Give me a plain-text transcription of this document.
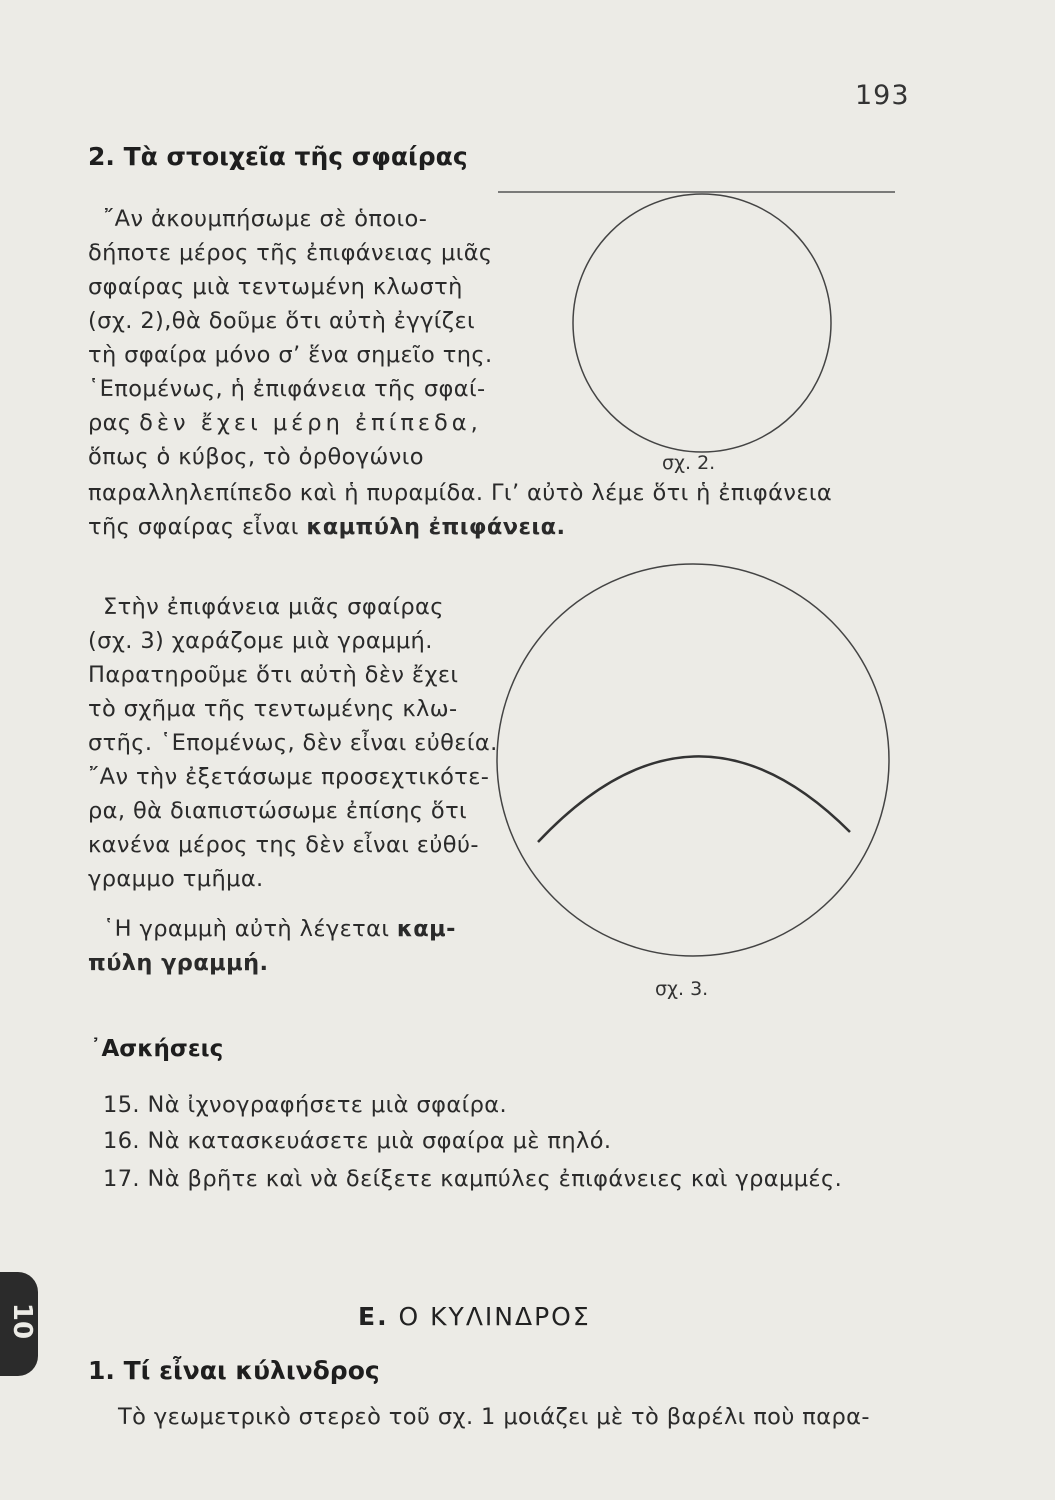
193
2. Τὰ στοιχεῖα τῆς σφαίρας
῎Αν ἀκουμπήσωμε σὲ ὁποιο-
δήποτε μέρος τῆς ἐπιφάνειας μιᾶς
σφαίρας μιὰ τεντωμένη κλωστὴ
(σχ. 2),θὰ δοῦμε ὅτι αὐτὴ ἐγγίζει
τὴ σφαίρα μόνο σ’ ἕνα σημεῖο της.
῾Επομένως, ἡ ἐπιφάνεια τῆς σφαί-
ρας δὲν ἔχει μέρη ἐπίπεδα,
ὅπως ὁ κύβος, τὸ ὀρθογώνιο
παραλληλεπίπεδο καὶ ἡ πυραμίδα. Γι’ αὐτὸ λέμε ὅτι ἡ ἐπιφάνεια
τῆς σφαίρας εἶναι καμπύλη ἐπιφάνεια.
Στὴν ἐπιφάνεια μιᾶς σφαίρας
(σχ. 3) χαράζομε μιὰ γραμμή.
Παρατηροῦμε ὅτι αὐτὴ δὲν ἔχει
τὸ σχῆμα τῆς τεντωμένης κλω-
στῆς. ῾Επομένως, δὲν εἶναι εὐθεία.
῎Αν τὴν ἐξετάσωμε προσεχτικότε-
ρα, θὰ διαπιστώσωμε ἐπίσης ὅτι
κανένα μέρος της δὲν εἶναι εὐθύ-
γραμμο τμῆμα.
῾Η γραμμὴ αὐτὴ λέγεται καμ-
πύλη γραμμή.
σχ. 2.
σχ. 3.
᾿Ασκήσεις
15. Νὰ ἰχνογραφήσετε μιὰ σφαίρα.
16. Νὰ κατασκευάσετε μιὰ σφαίρα μὲ πηλό.
17. Νὰ βρῆτε καὶ νὰ δείξετε καμπύλες ἐπιφάνειες καὶ γραμμές.
10	Ε. Ο ΚΥΛΙΝΔΡΟΣ
1. Τί εἶναι κύλινδρος
Τὸ γεωμετρικὸ στερεὸ τοῦ σχ. 1 μοιάζει μὲ τὸ βαρέλι ποὺ παρα-
